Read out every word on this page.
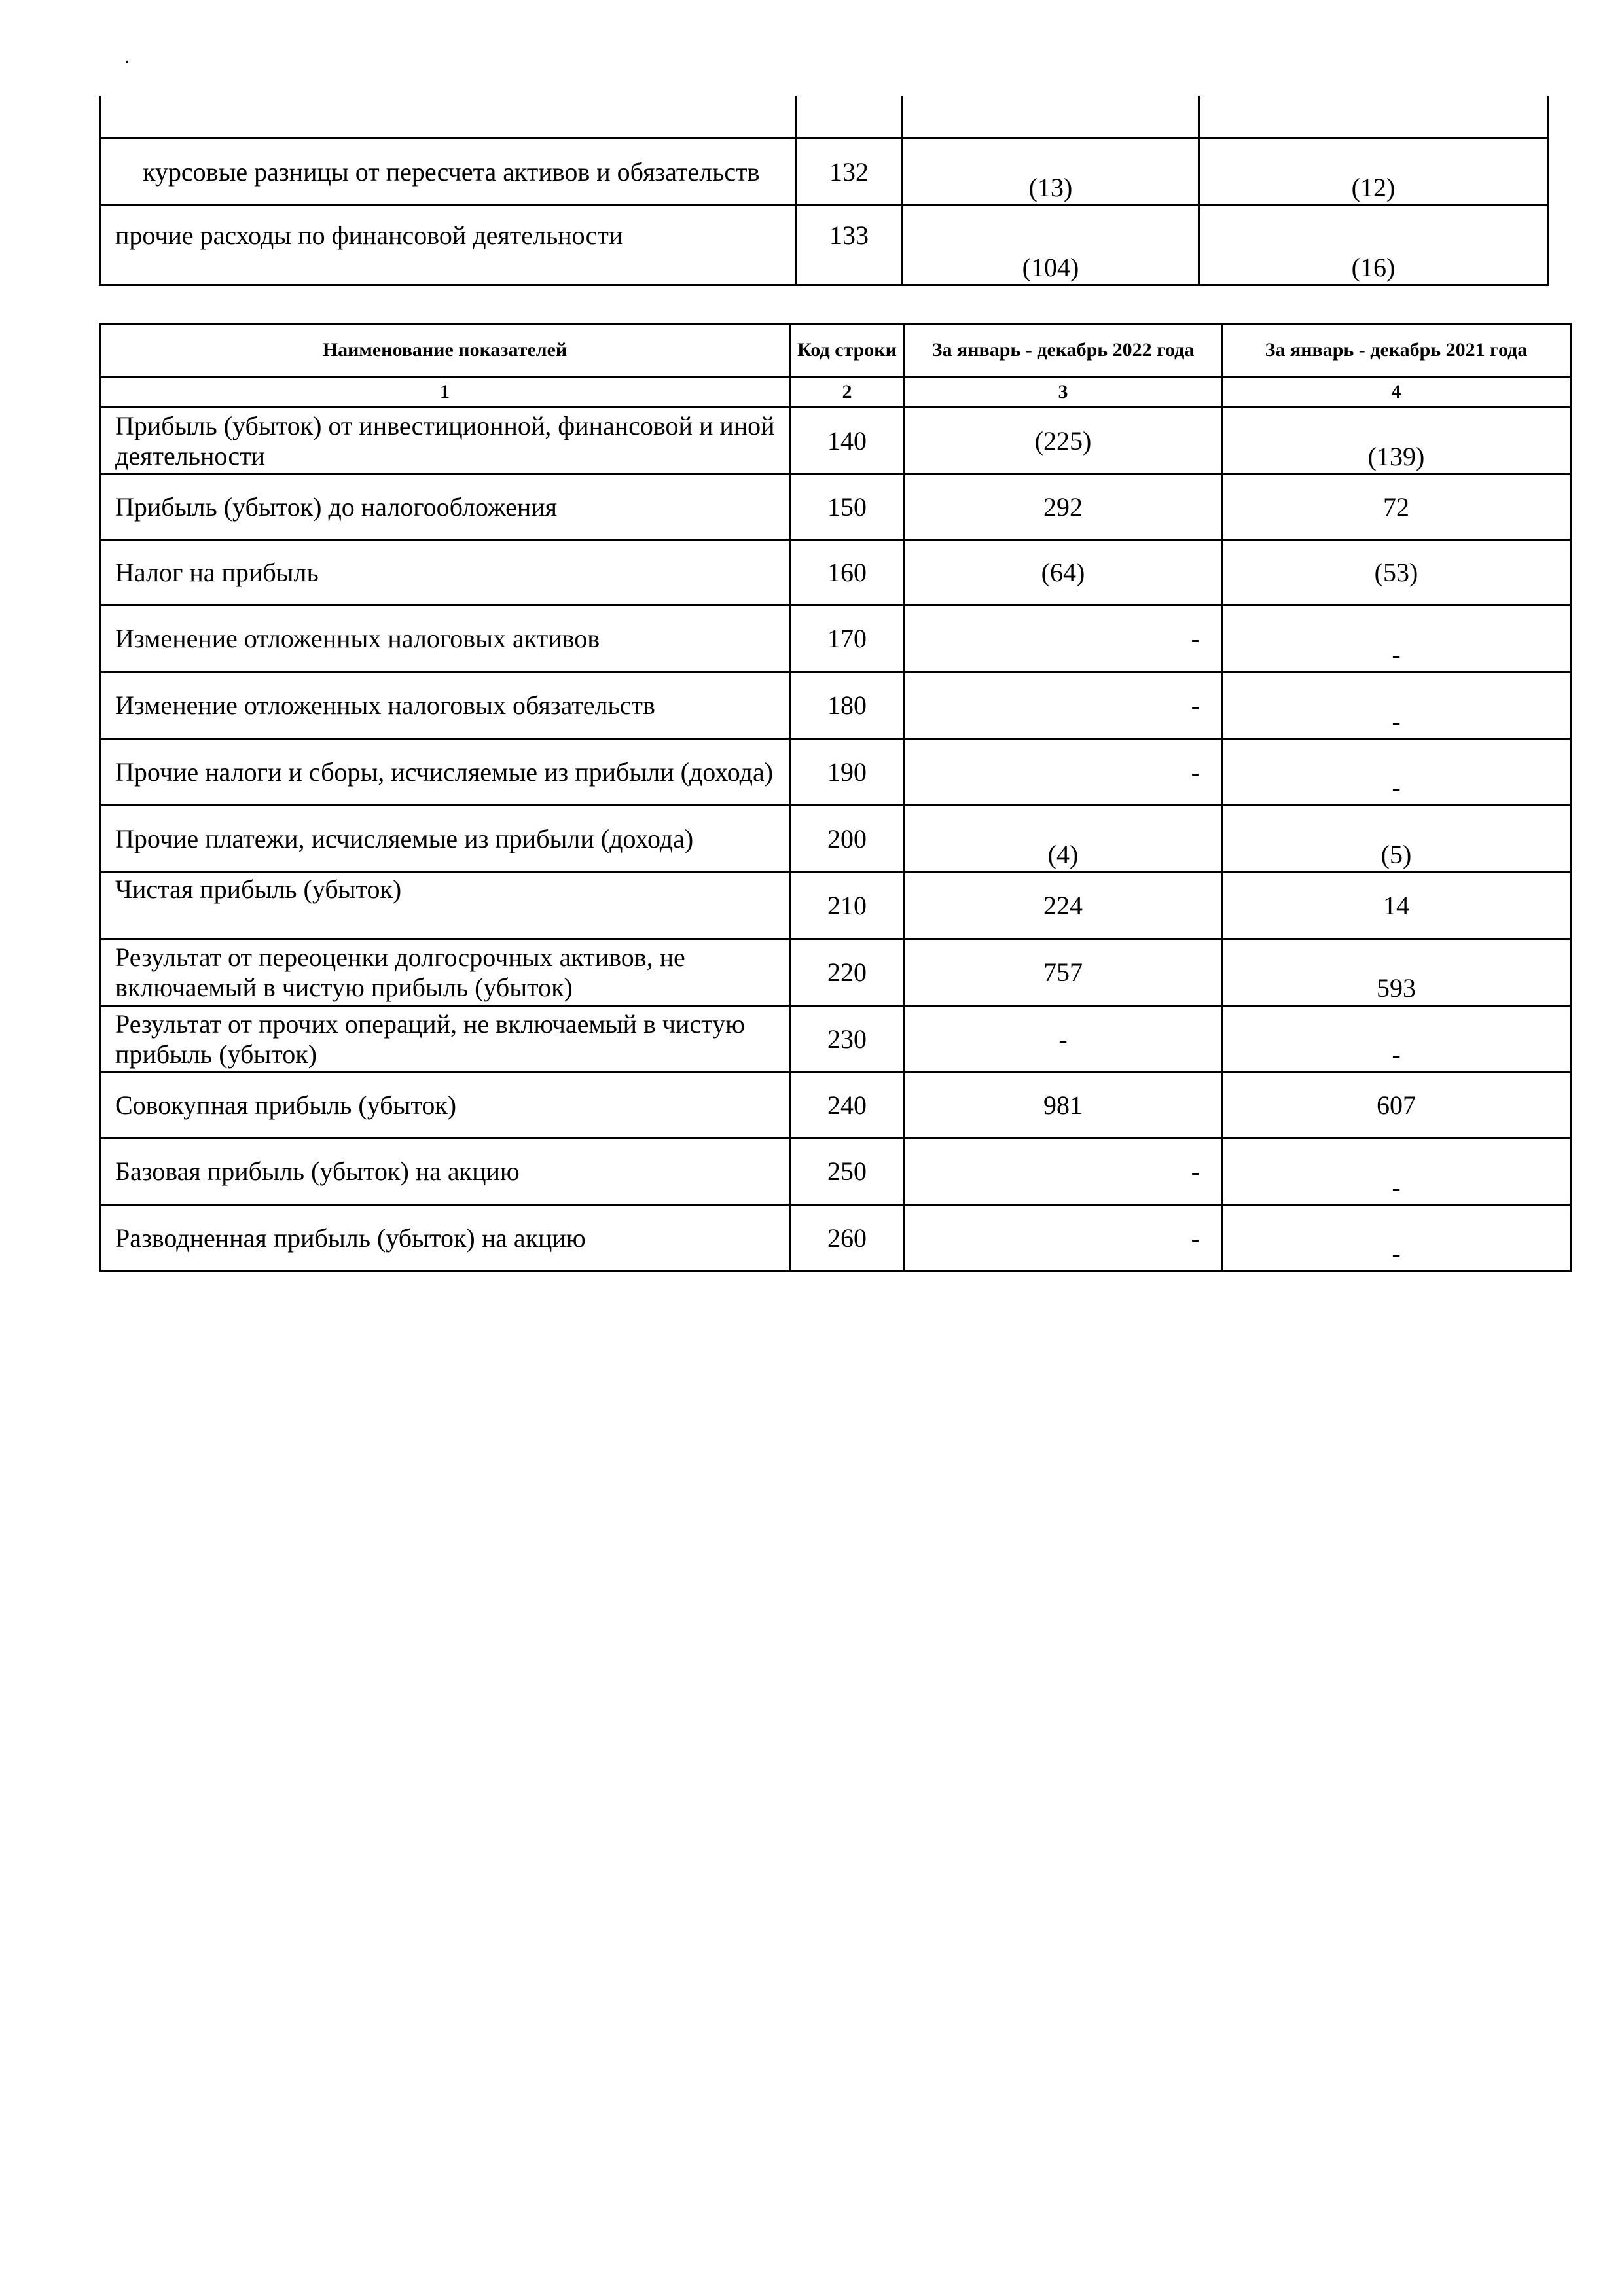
.

курсовые разницы от пересчета активов и обязательств	132	(13)	(12)
прочие расходы по финансовой деятельности	133	(104)	(16)
Наименование показателей	Код строки	За январь - декабрь 2022 года	За январь - декабрь 2021 года
1	2	3	4
Прибыль (убыток) от инвестиционной, финансовой и иной деятельности	140	(225)	(139)
Прибыль (убыток) до налогообложения	150	292	72
Налог на прибыль	160	(64)	(53)
Изменение отложенных налоговых активов	170	-	-
Изменение отложенных налоговых обязательств	180	-	-
Прочие налоги и сборы, исчисляемые из прибыли (дохода)	190	-	-
Прочие платежи, исчисляемые из прибыли (дохода)	200	(4)	(5)
Чистая прибыль (убыток)	210	224	14
Результат от переоценки долгосрочных активов, не включаемый в чистую прибыль (убыток)	220	757	593
Результат от прочих операций, не включаемый в чистую прибыль (убыток)	230	-	-
Совокупная прибыль (убыток)	240	981	607
Базовая прибыль (убыток) на акцию	250	-	-
Разводненная прибыль (убыток) на акцию	260	-	-
